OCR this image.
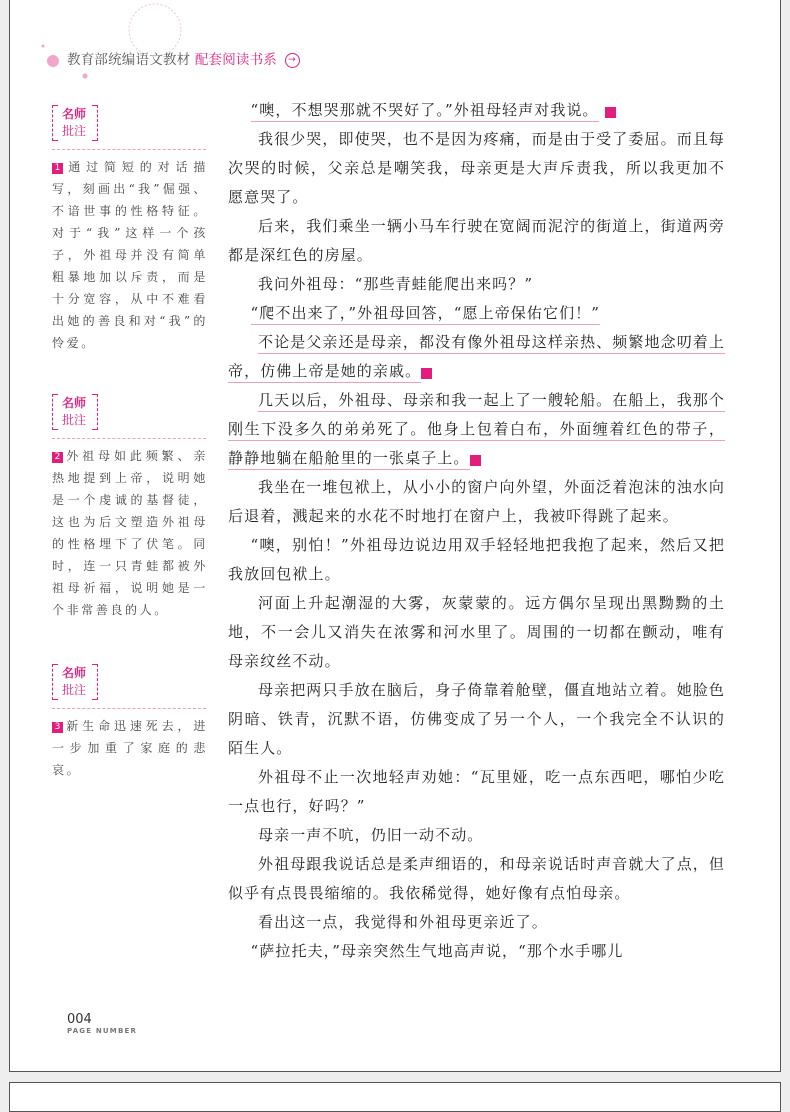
教育部统编语文教材 配套阅读书系 →
名师
批注
1 通过简短的对话描写，刻画出“我”倔强、不谙世事的性格特征。对于“我”这样一个孩子，外祖母并没有简单粗暴地加以斥责，而是十分宽容，从中不难看出她的善良和对“我”的怜爱。
名师
批注
2 外祖母如此频繁、亲热地提到上帝，说明她是一个虔诚的基督徒，这也为后文塑造外祖母的性格埋下了伏笔。同时，连一只青蛙都被外祖母祈福，说明她是一个非常善良的人。
名师
批注
3 新生命迅速死去，进一步加重了家庭的悲哀。

“噢，不想哭那就不哭好了。”外祖母轻声对我说。	1

我很少哭，即使哭，也不是因为疼痛，而是由于受了委屈。而且每次哭的时候，父亲总是嘲笑我，母亲更是大声斥责我，所以我更加不愿意哭了。

后来，我们乘坐一辆小马车行驶在宽阔而泥泞的街道上，街道两旁都是深红色的房屋。

我问外祖母：“那些青蛙能爬出来吗？”

“爬不出来了，”外祖母回答，“愿上帝保佑它们！”

不论是父亲还是母亲，都没有像外祖母这样亲热、频繁地念叨着上帝，仿佛上帝是她的亲戚。	2

几天以后，外祖母、母亲和我一起上了一艘轮船。在船上，我那个刚生下没多久的弟弟死了。他身上包着白布，外面缠着红色的带子，静静地躺在船舱里的一张桌子上。	3

我坐在一堆包袱上，从小小的窗户向外望，外面泛着泡沫的浊水向后退着，溅起来的水花不时地打在窗户上，我被吓得跳了起来。

“噢，别怕！”外祖母边说边用双手轻轻地把我抱了起来，然后又把我放回包袱上。

河面上升起潮湿的大雾，灰蒙蒙的。远方偶尔呈现出黑黝黝的土地，不一会儿又消失在浓雾和河水里了。周围的一切都在颤动，唯有母亲纹丝不动。

母亲把两只手放在脑后，身子倚靠着舱壁，僵直地站立着。她脸色阴暗、铁青，沉默不语，仿佛变成了另一个人，一个我完全不认识的陌生人。

外祖母不止一次地轻声劝她：“瓦里娅，吃一点东西吧，哪怕少吃一点也行，好吗？”

母亲一声不吭，仍旧一动不动。

外祖母跟我说话总是柔声细语的，和母亲说话时声音就大了点，但似乎有点畏畏缩缩的。我依稀觉得，她好像有点怕母亲。

看出这一点，我觉得和外祖母更亲近了。

“萨拉托夫，”母亲突然生气地高声说，“那个水手哪儿

004
PAGE NUMBER
